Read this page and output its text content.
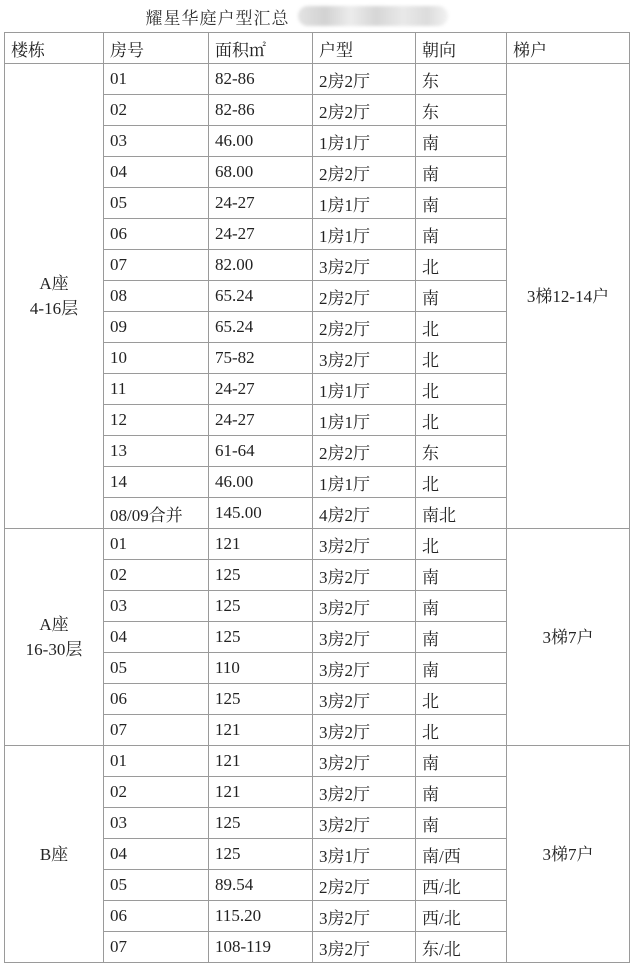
耀星华庭户型汇总
楼栋	房号	面积㎡	户型	朝向	梯户

A座
4-16层	01	82-86	2房2厅	东	3梯12-14户
	02	82-86	2房2厅	东	
	03	46.00	1房1厅	南	
	04	68.00	2房2厅	南	
	05	24-27	1房1厅	南	
	06	24-27	1房1厅	南	
	07	82.00	3房2厅	北	
	08	65.24	2房2厅	南	
	09	65.24	2房2厅	北	
	10	75-82	3房2厅	北	
	11	24-27	1房1厅	北	
	12	24-27	1房1厅	北	
	13	61-64	2房2厅	东	
	14	46.00	1房1厅	北	
	08/09合并	145.00	4房2厅	南北	

A座
16-30层	01	121	3房2厅	北	3梯7户
	02	125	3房2厅	南	
	03	125	3房2厅	南	
	04	125	3房2厅	南	
	05	110	3房2厅	南	
	06	125	3房2厅	北	
	07	121	3房2厅	北	

B座	01	121	3房2厅	南	3梯7户
	02	121	3房2厅	南	
	03	125	3房2厅	南	
	04	125	3房1厅	南/西	
	05	89.54	2房2厅	西/北	
	06	115.20	3房2厅	西/北	
	07	108-119	3房2厅	东/北	
